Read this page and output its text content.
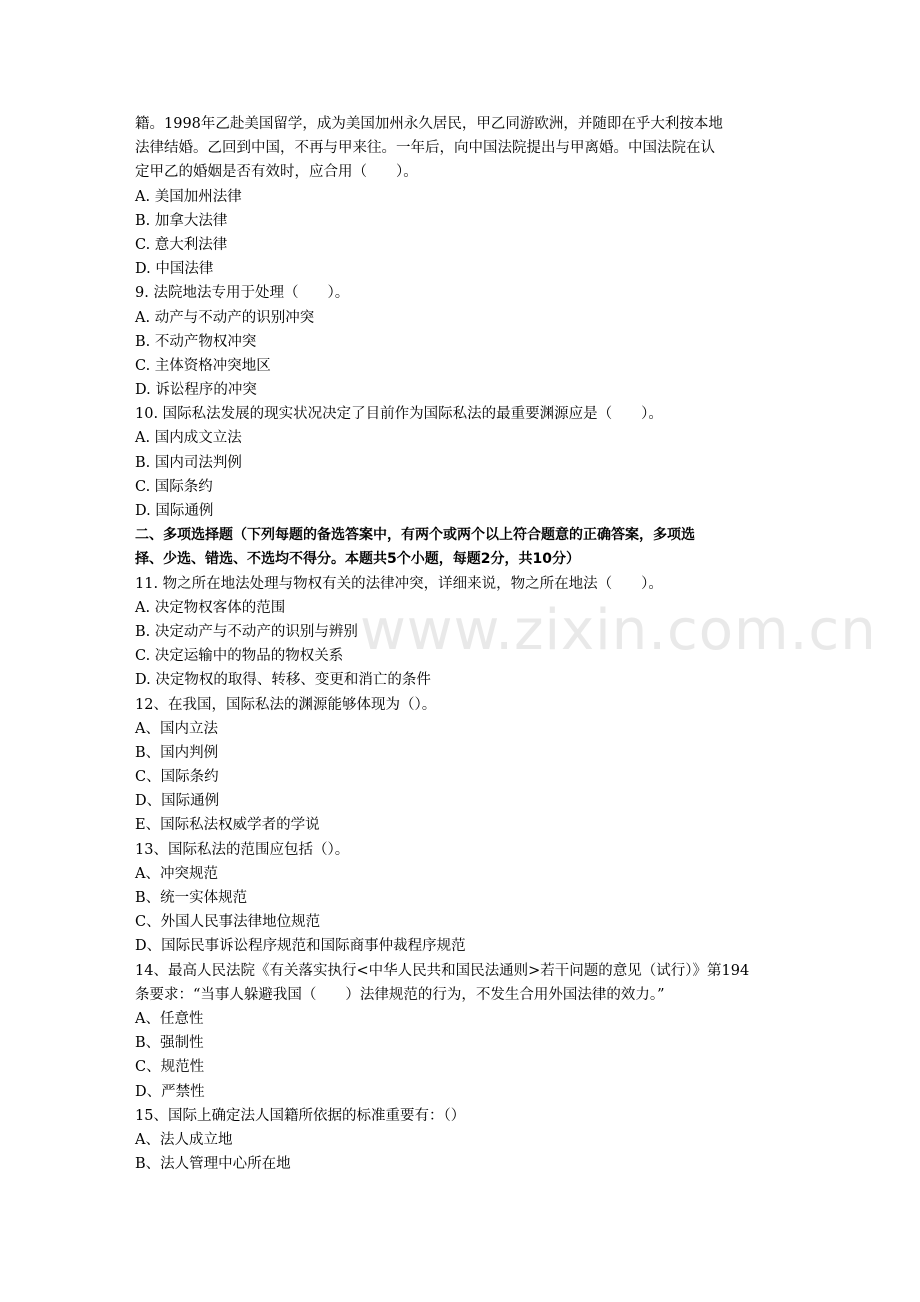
www.zixin.com.cn
籍。1998年乙赴美国留学，成为美国加州永久居民，甲乙同游欧洲，并随即在乎大利按本地
法律结婚。乙回到中国，不再与甲来往。一年后，向中国法院提出与甲离婚。中国法院在认
定甲乙的婚姻是否有效时，应合用（　　）。
A. 美国加州法律
B. 加拿大法律
C. 意大利法律
D. 中国法律
9. 法院地法专用于处理（　　）。
A. 动产与不动产的识别冲突
B. 不动产物权冲突
C. 主体资格冲突地区
D. 诉讼程序的冲突
10. 国际私法发展的现实状况决定了目前作为国际私法的最重要渊源应是（　　）。
A. 国内成文立法
B. 国内司法判例
C. 国际条约
D. 国际通例
二、多项选择题（下列每题的备选答案中，有两个或两个以上符合题意的正确答案，多项选
择、少选、错选、不选均不得分。本题共5个小题，每题2分，共10分）
11. 物之所在地法处理与物权有关的法律冲突，详细来说，物之所在地法（　　）。
A. 决定物权客体的范围
B. 决定动产与不动产的识别与辨别
C. 决定运输中的物品的物权关系
D. 决定物权的取得、转移、变更和消亡的条件
12、在我国，国际私法的渊源能够体现为（）。
A、国内立法
B、国内判例
C、国际条约
D、国际通例
E、国际私法权威学者的学说
13、国际私法的范围应包括（）。
A、冲突规范
B、统一实体规范
C、外国人民事法律地位规范
D、国际民事诉讼程序规范和国际商事仲裁程序规范
14、最高人民法院《有关落实执行<中华人民共和国民法通则>若干问题的意见（试行）》第194
条要求：“当事人躲避我国（　　）法律规范的行为，不发生合用外国法律的效力。”
A、任意性
B、强制性
C、规范性
D、严禁性
15、国际上确定法人国籍所依据的标准重要有：（）
A、法人成立地
B、法人管理中心所在地
